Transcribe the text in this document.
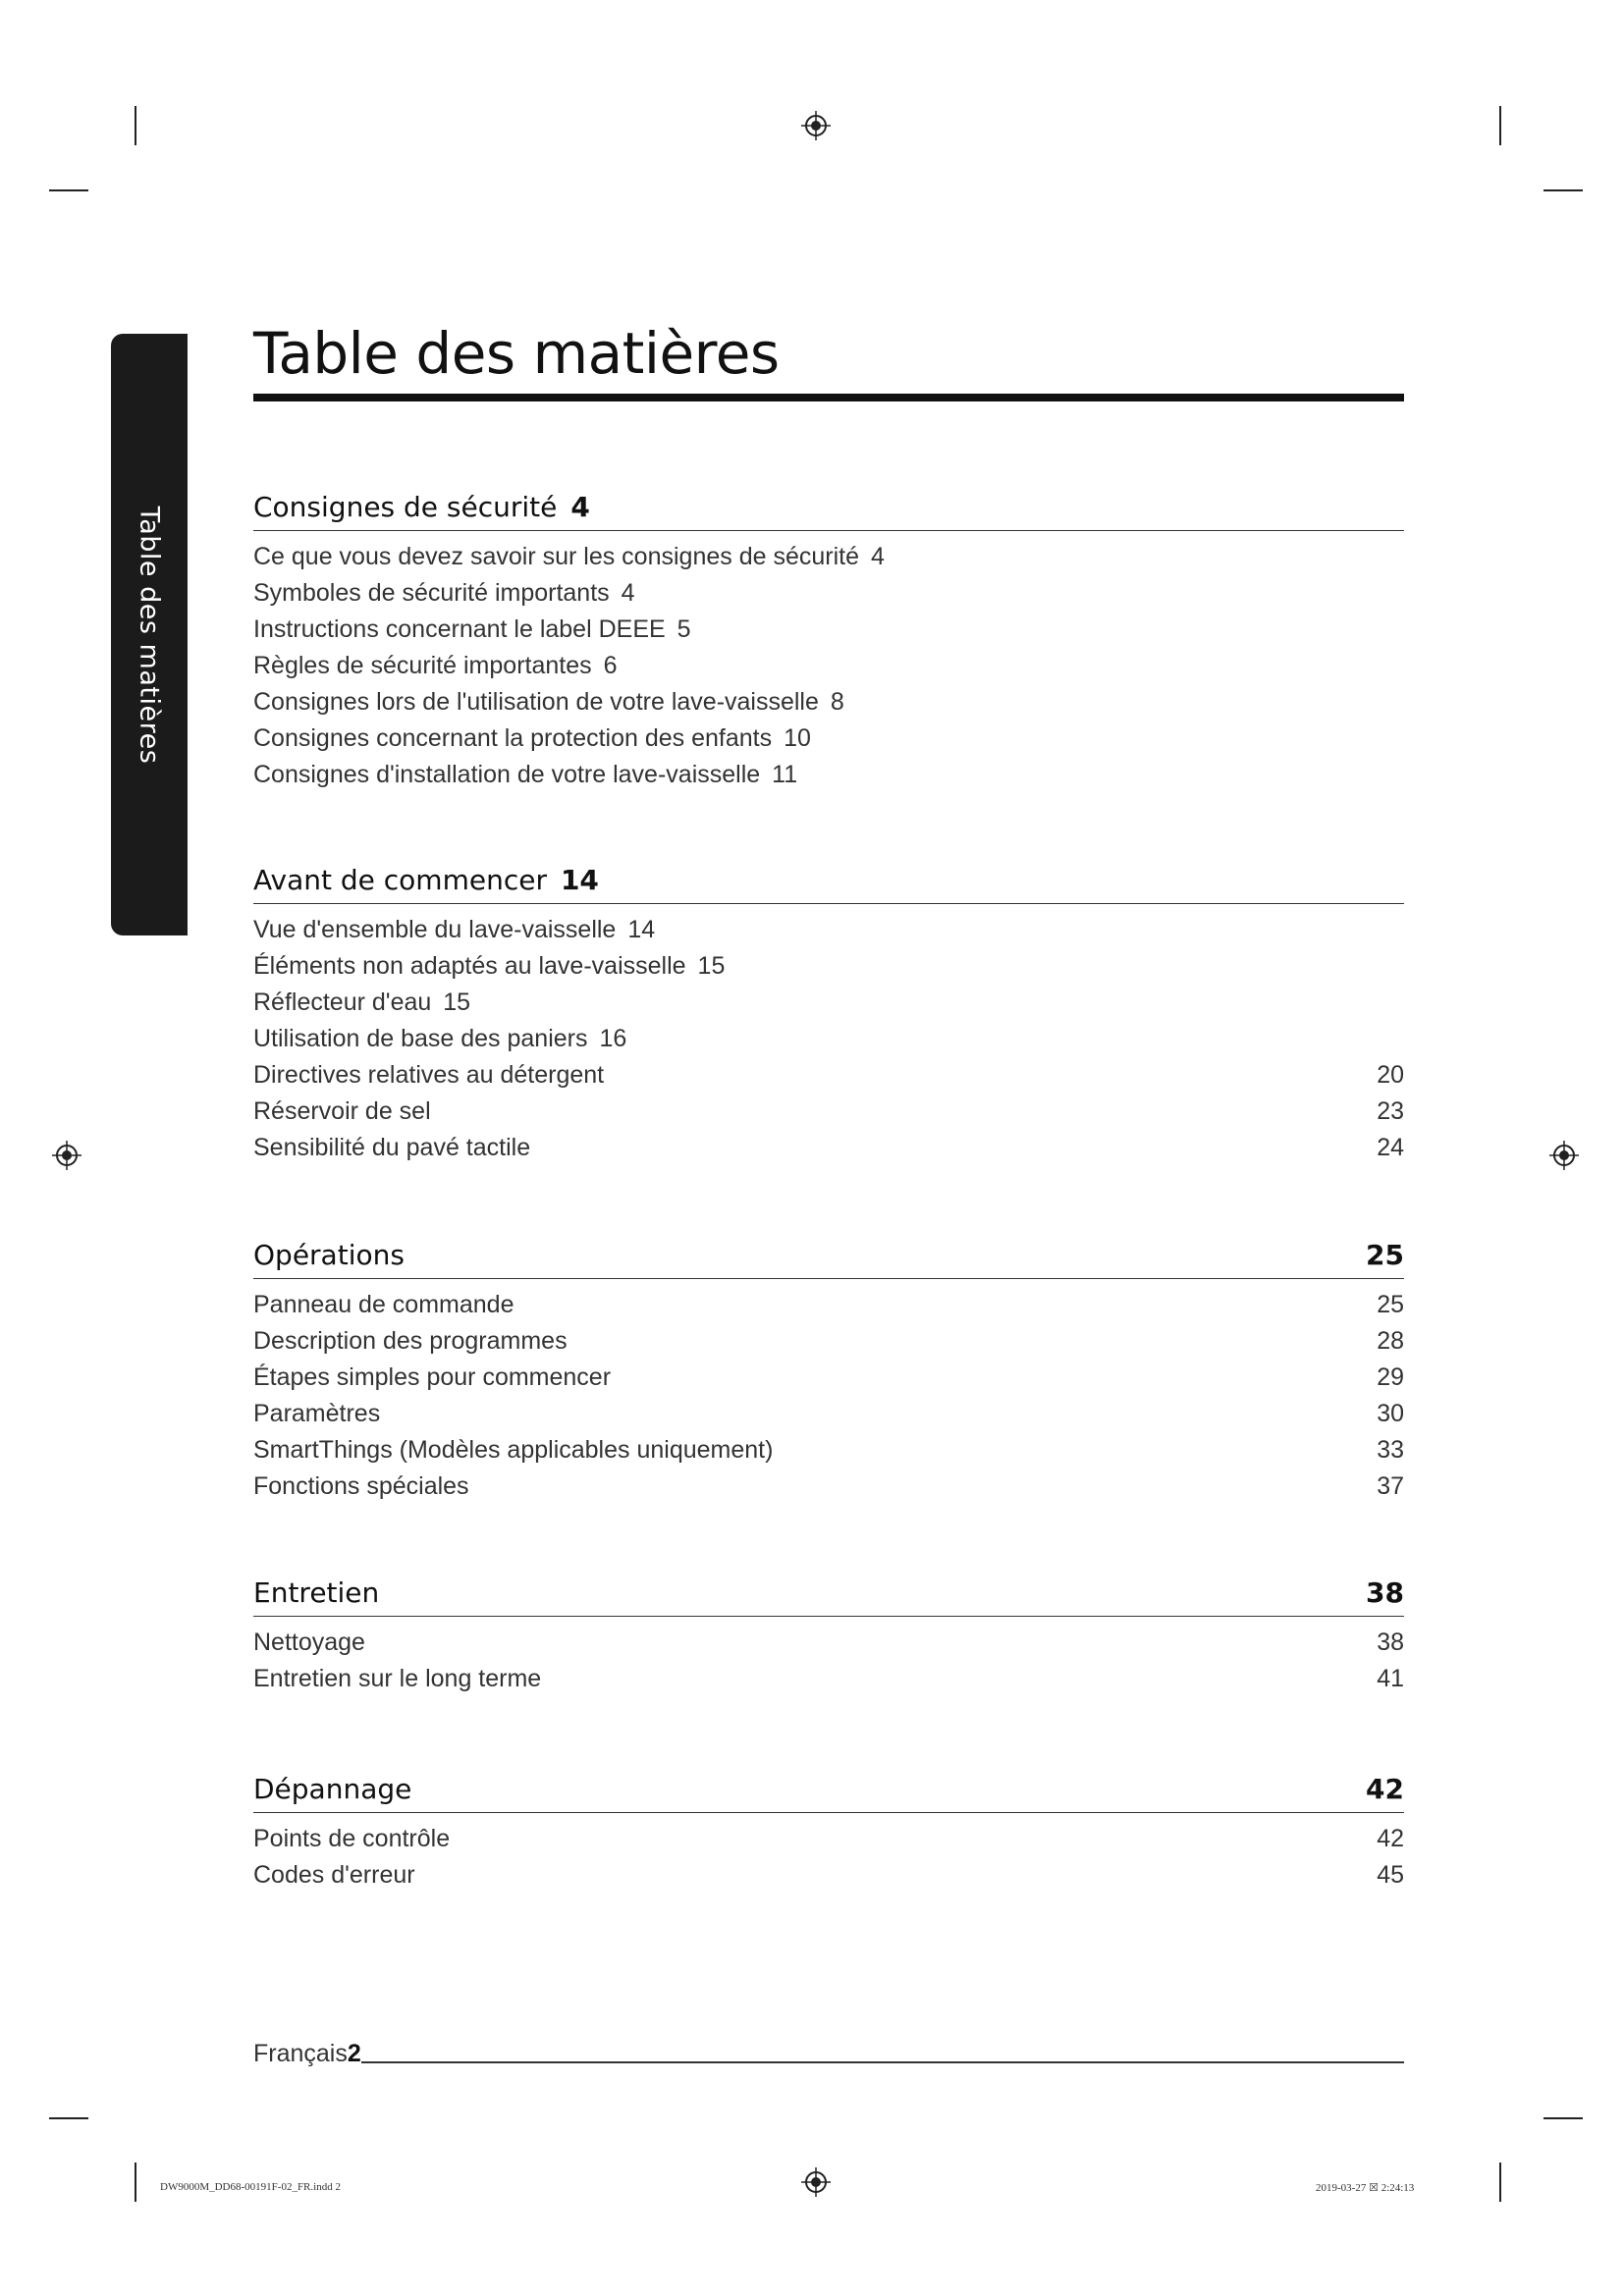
Table des matières
Table des matières
Consignes de sécurité 4
Ce que vous devez savoir sur les consignes de sécurité 4
Symboles de sécurité importants 4
Instructions concernant le label DEEE 5
Règles de sécurité importantes 6
Consignes lors de l'utilisation de votre lave-vaisselle 8
Consignes concernant la protection des enfants 10
Consignes d'installation de votre lave-vaisselle 11
Avant de commencer 14
Vue d'ensemble du lave-vaisselle 14
Éléments non adaptés au lave-vaisselle 15
Réflecteur d'eau 15
Utilisation de base des paniers 16
Directives relatives au détergent	20
Réservoir de sel	23
Sensibilité du pavé tactile	24
Opérations	25
Panneau de commande	25
Description des programmes	28
Étapes simples pour commencer	29
Paramètres	30
SmartThings (Modèles applicables uniquement)	33
Fonctions spéciales	37
Entretien	38
Nettoyage	38
Entretien sur le long terme	41
Dépannage	42
Points de contrôle	42
Codes d'erreur	45
Français2
DW9000M_DD68-00191F-02_FR.indd 2	2019-03-27 ☒ 2:24:13
